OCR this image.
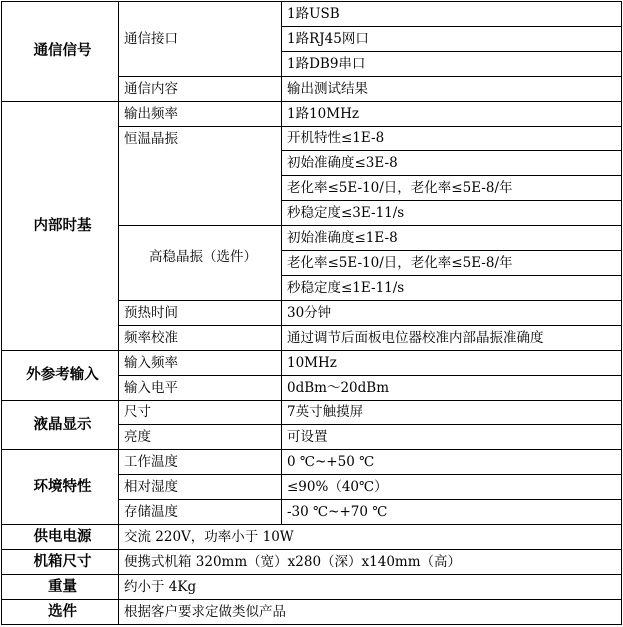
通信信号	通信接口	1路USB
		1路RJ45网口
		1路DB9串口
	通信内容	输出测试结果
内部时基	输出频率	1路10MHz
	恒温晶振	开机特性≤1E-8
		初始准确度≤3E-8
		老化率≤5E-10/日，老化率≤5E-8/年
		秒稳定度≤3E-11/s
	高稳晶振（选件）	初始准确度≤1E-8
		老化率≤5E-10/日，老化率≤5E-8/年
		秒稳定度≤1E-11/s
	预热时间	30分钟
	频率校准	通过调节后面板电位器校准内部晶振准确度
外参考输入	输入频率	10MHz
	输入电平	0dBm～20dBm
液晶显示	尺寸	7英寸触摸屏
	亮度	可设置
环境特性	工作温度	0 ℃~+50 ℃
	相对湿度	≤90%（40℃）
	存储温度	-30 ℃~+70 ℃
供电电源	交流 220V，功率小于 10W	
机箱尺寸	便携式机箱 320mm（宽）x280（深）x140mm（高）	
重量	约小于 4Kg	
选件	根据客户要求定做类似产品	
